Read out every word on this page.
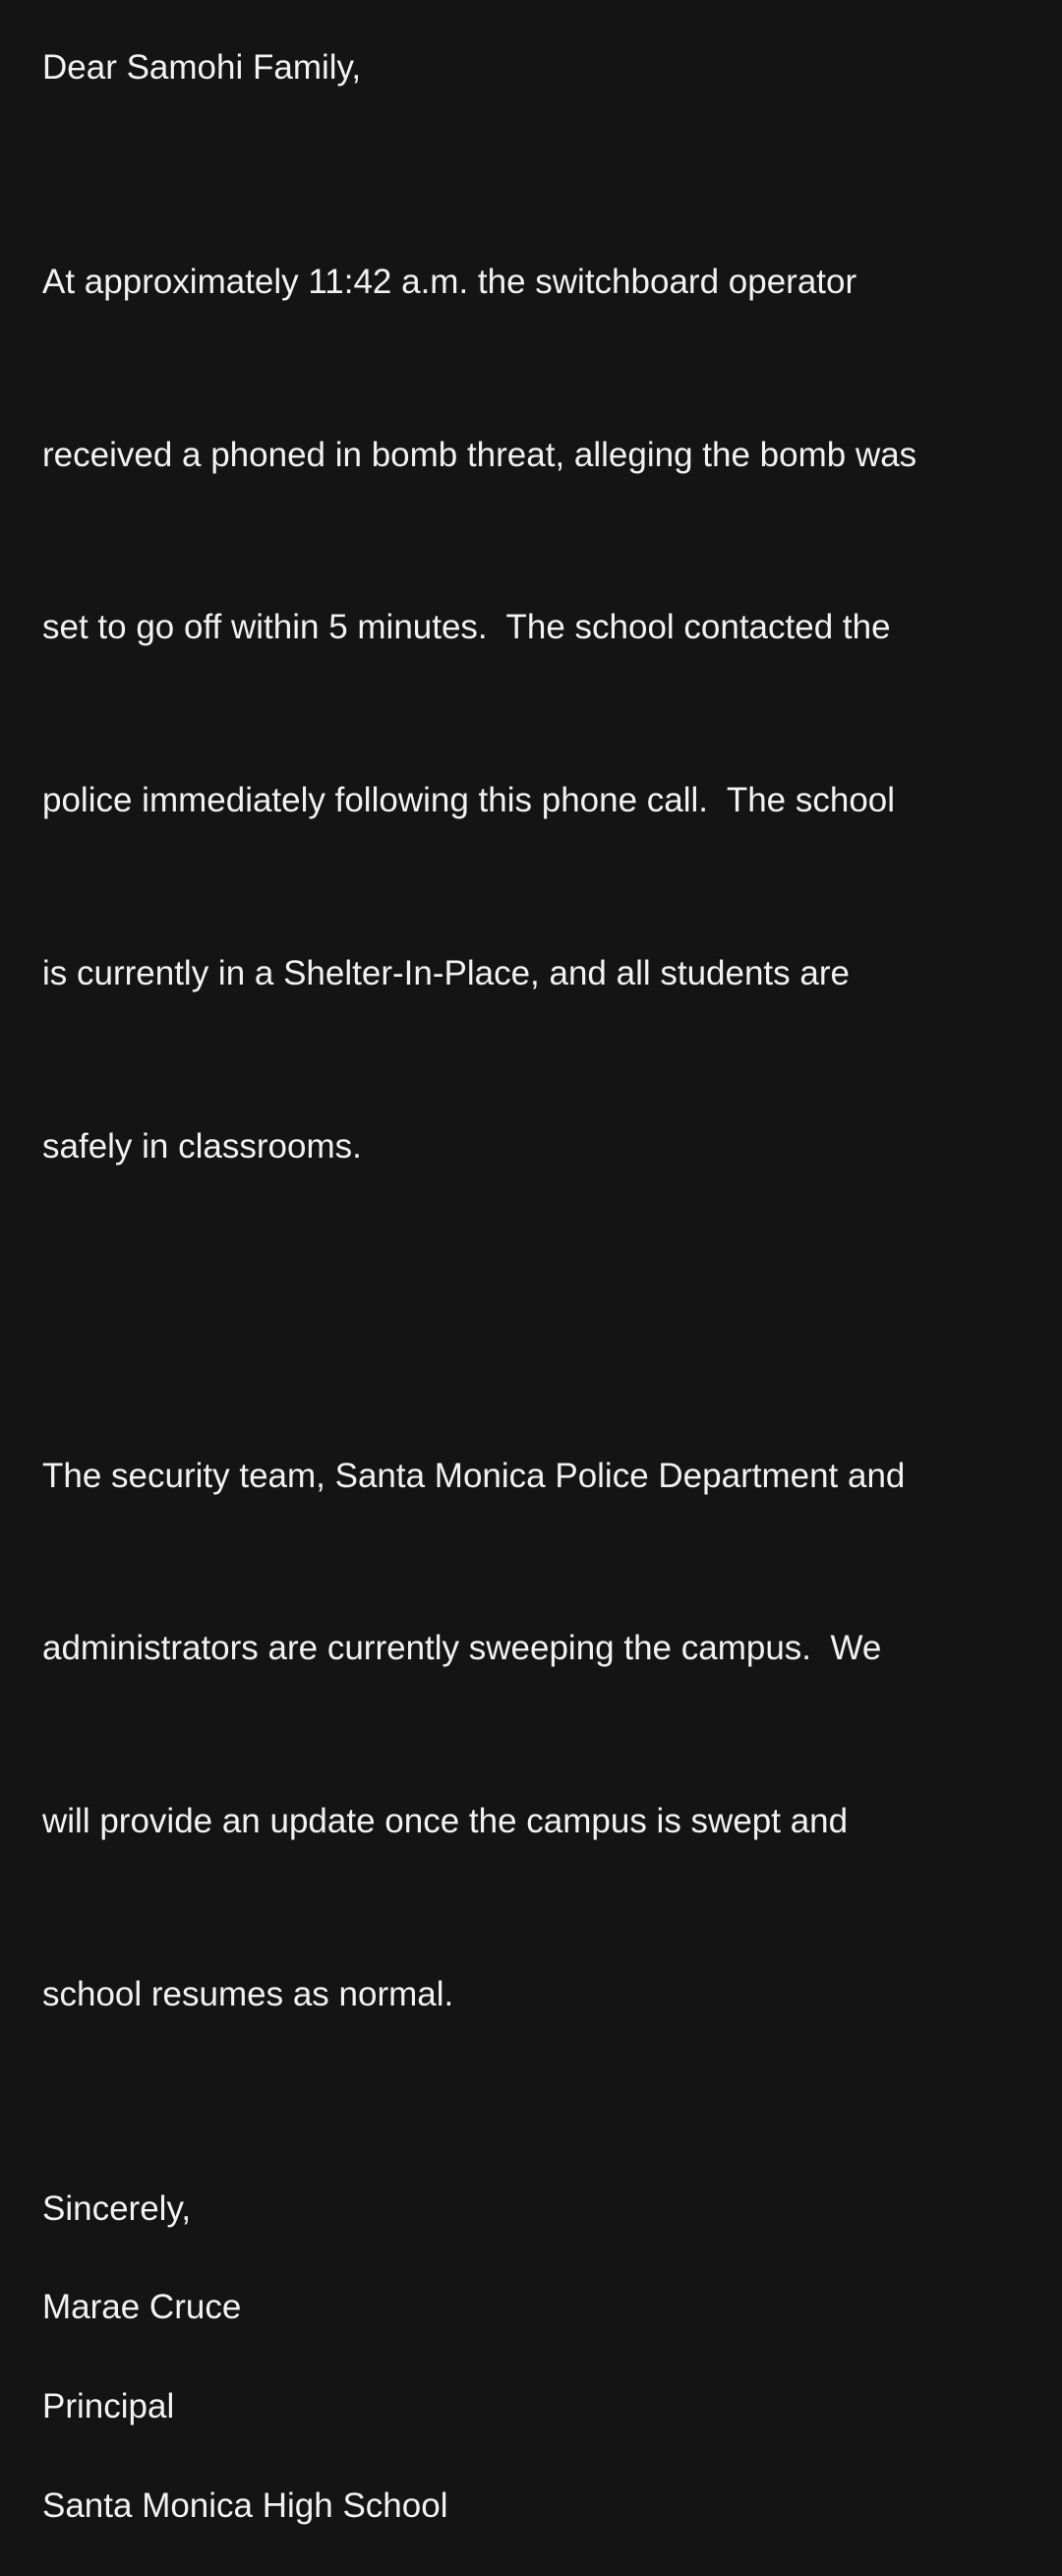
Dear Samohi Family,

At approximately 11:42 a.m. the switchboard operator

received a phoned in bomb threat, alleging the bomb was

set to go off within 5 minutes.  The school contacted the

police immediately following this phone call.  The school

is currently in a Shelter-In-Place, and all students are

safely in classrooms.

The security team, Santa Monica Police Department and

administrators are currently sweeping the campus.  We

will provide an update once the campus is swept and

school resumes as normal.

Sincerely,

Marae Cruce

Principal

Santa Monica High School
